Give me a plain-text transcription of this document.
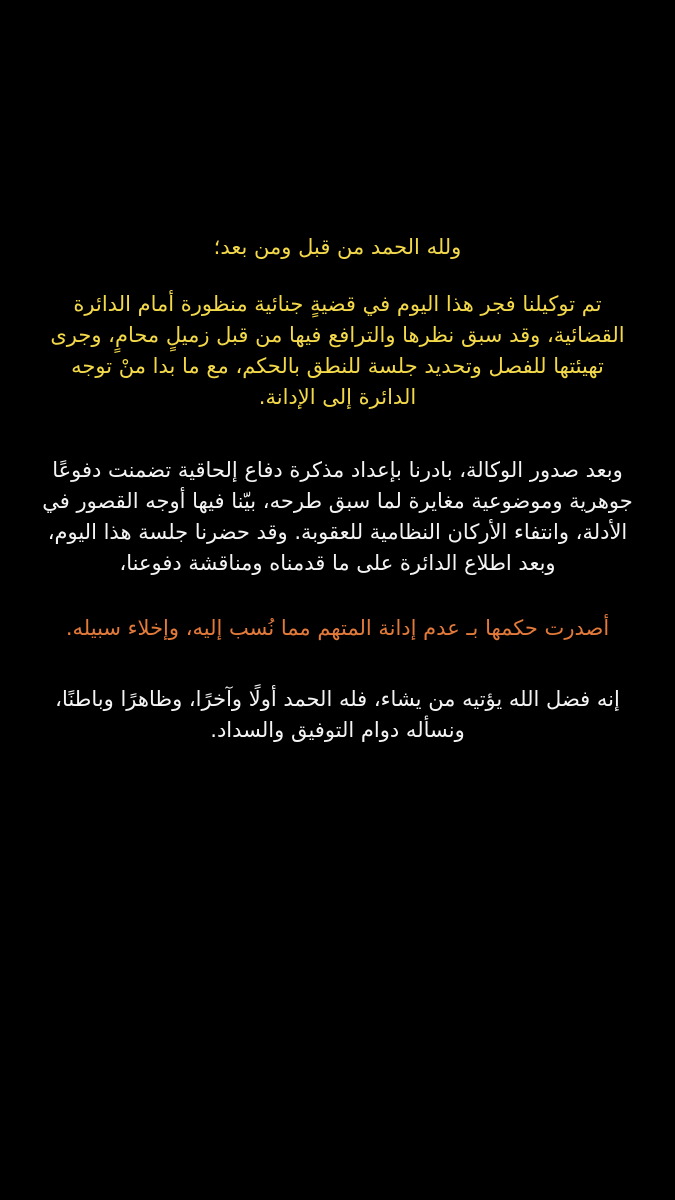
ولله الحمد من قبل ومن بعد؛

تم توكيلنا فجر هذا اليوم في قضيةٍ جنائية منظورة أمام الدائرة
القضائية، وقد سبق نظرها والترافع فيها من قبل زميلٍ محامٍ، وجرى
تهيئتها للفصل وتحديد جلسة للنطق بالحكم، مع ما بدا منْ توجه
الدائرة إلى الإدانة.

وبعد صدور الوكالة، بادرنا بإعداد مذكرة دفاع إلحاقية تضمنت دفوعًا
جوهرية وموضوعية مغايرة لما سبق طرحه، بيّنا فيها أوجه القصور في
الأدلة، وانتفاء الأركان النظامية للعقوبة. وقد حضرنا جلسة هذا اليوم،
وبعد اطلاع الدائرة على ما قدمناه ومناقشة دفوعنا،

أصدرت حكمها بـ عدم إدانة المتهم مما نُسب إليه، وإخلاء سبيله.

إنه فضل الله يؤتيه من يشاء، فله الحمد أولًا وآخرًا، وظاهرًا وباطنًا،
ونسأله دوام التوفيق والسداد.
